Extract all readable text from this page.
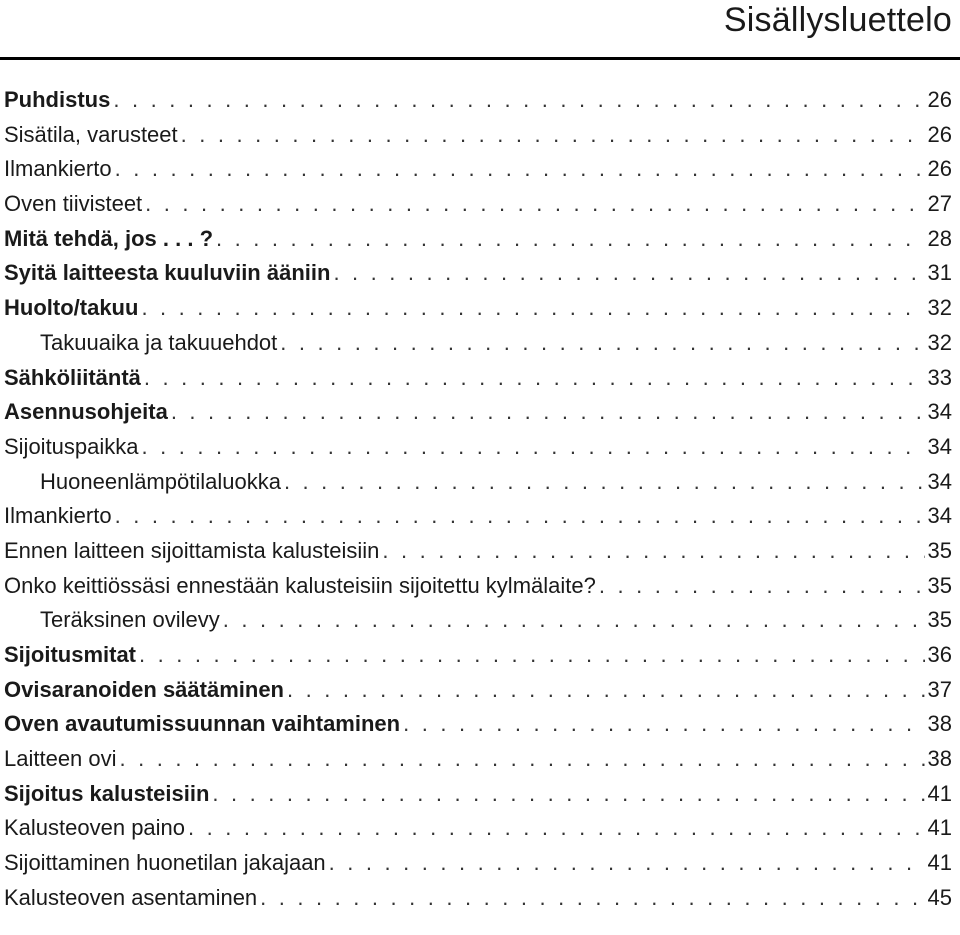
Sisällysluettelo
Puhdistus . . .	26
Sisätila, varusteet . . .	26
Ilmankierto . . .	26
Oven tiivisteet . . .	27
Mitä tehdä, jos . . . ? . . .	28
Syitä laitteesta kuuluviin ääniin . . .	31
Huolto/takuu . . .	32
Takuuaika ja takuuehdot . . .	32
Sähköliitäntä . . .	33
Asennusohjeita . . .	34
Sijoituspaikka . . .	34
Huoneenlämpötilaluokka . . .	34
Ilmankierto . . .	34
Ennen laitteen sijoittamista kalusteisiin . . .	35
Onko keittiössäsi ennestään kalusteisiin sijoitettu kylmälaite? . . .	35
Teräksinen ovilevy . . .	35
Sijoitusmitat . . .	36
Ovisaranoiden säätäminen . . .	37
Oven avautumissuunnan vaihtaminen . . .	38
Laitteen ovi . . .	38
Sijoitus kalusteisiin . . .	41
Kalusteoven paino . . .	41
Sijoittaminen huonetilan jakajaan . . .	41
Kalusteoven asentaminen . . .	45
